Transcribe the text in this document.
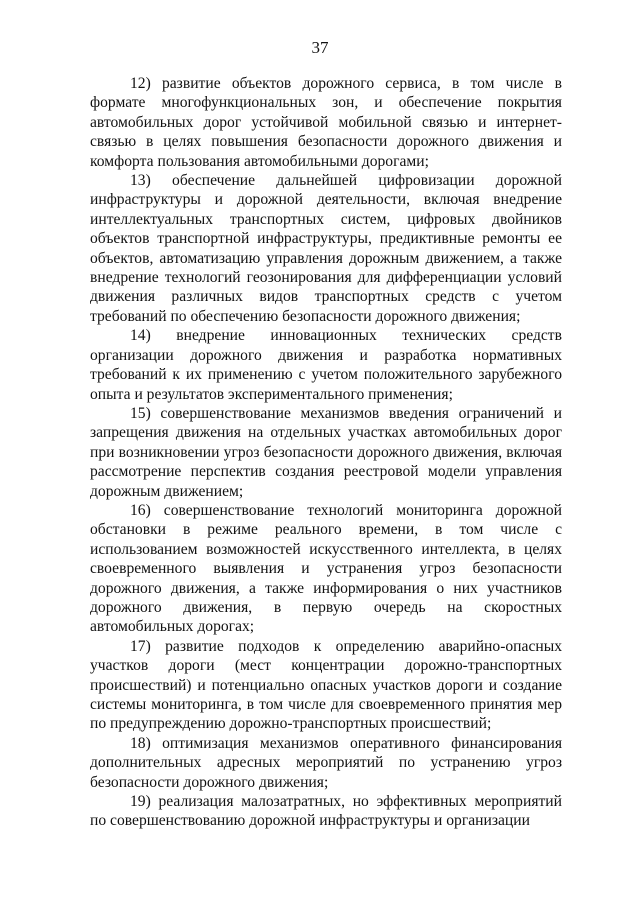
37

12) развитие объектов дорожного сервиса, в том числе в формате многофункциональных зон, и обеспечение покрытия автомобильных дорог устойчивой мобильной связью и интернет-связью в целях повышения безопасности дорожного движения и комфорта пользования автомобильными дорогами;

13) обеспечение дальнейшей цифровизации дорожной инфраструктуры и дорожной деятельности, включая внедрение интеллектуальных транспортных систем, цифровых двойников объектов транспортной инфраструктуры, предиктивные ремонты ее объектов, автоматизацию управления дорожным движением, а также внедрение технологий геозонирования для дифференциации условий движения различных видов транспортных средств с учетом требований по обеспечению безопасности дорожного движения;

14) внедрение инновационных технических средств организации дорожного движения и разработка нормативных требований к их применению с учетом положительного зарубежного опыта и результатов экспериментального применения;

15) совершенствование механизмов введения ограничений и запрещения движения на отдельных участках автомобильных дорог при возникновении угроз безопасности дорожного движения, включая рассмотрение перспектив создания реестровой модели управления дорожным движением;

16) совершенствование технологий мониторинга дорожной обстановки в режиме реального времени, в том числе с использованием возможностей искусственного интеллекта, в целях своевременного выявления и устранения угроз безопасности дорожного движения, а также информирования о них участников дорожного движения, в первую очередь на скоростных автомобильных дорогах;

17) развитие подходов к определению аварийно-опасных участков дороги (мест концентрации дорожно-транспортных происшествий) и потенциально опасных участков дороги и создание системы мониторинга, в том числе для своевременного принятия мер по предупреждению дорожно-транспортных происшествий;

18) оптимизация механизмов оперативного финансирования дополнительных адресных мероприятий по устранению угроз безопасности дорожного движения;

19) реализация малозатратных, но эффективных мероприятий по совершенствованию дорожной инфраструктуры и организации
